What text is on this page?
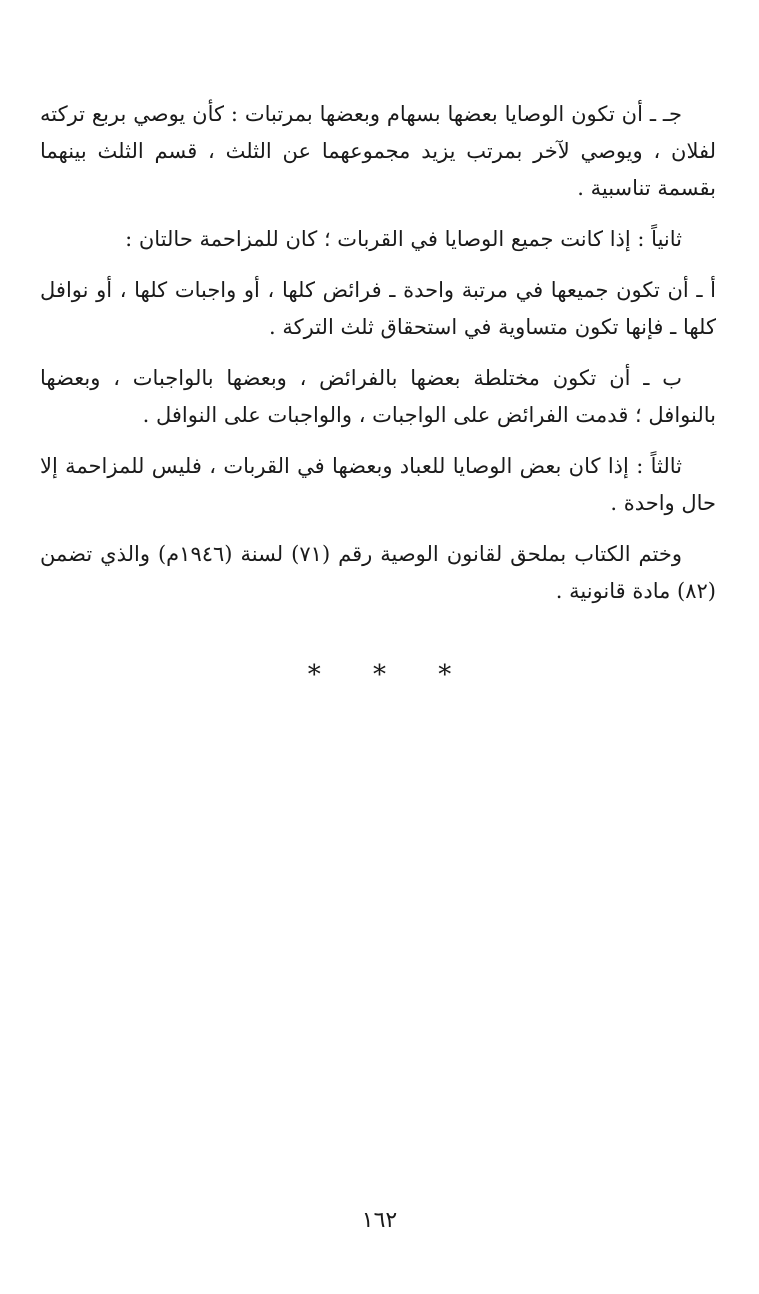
جـ ـ أن تكون الوصايا بعضها بسهام وبعضها بمرتبات : كأن يوصي بربع تركته لفلان ، ويوصي لآخر بمرتب يزيد مجموعهما عن الثلث ، قسم الثلث بينهما بقسمة تناسبية .

ثانياً : إذا كانت جميع الوصايا في القربات ؛ كان للمزاحمة حالتان :

أ ـ أن تكون جميعها في مرتبة واحدة ـ فرائض كلها ، أو واجبات كلها ، أو نوافل كلها ـ فإنها تكون متساوية في استحقاق ثلث التركة .

ب ـ أن تكون مختلطة بعضها بالفرائض ، وبعضها بالواجبات ، وبعضها بالنوافل ؛ قدمت الفرائض على الواجبات ، والواجبات على النوافل .

ثالثاً : إذا كان بعض الوصايا للعباد وبعضها في القربات ، فليس للمزاحمة إلا حال واحدة .

وختم الكتاب بملحق لقانون الوصية رقم (٧١) لسنة (١٩٤٦م) والذي تضمن (٨٢) مادة قانونية .

* * *
١٦٢
